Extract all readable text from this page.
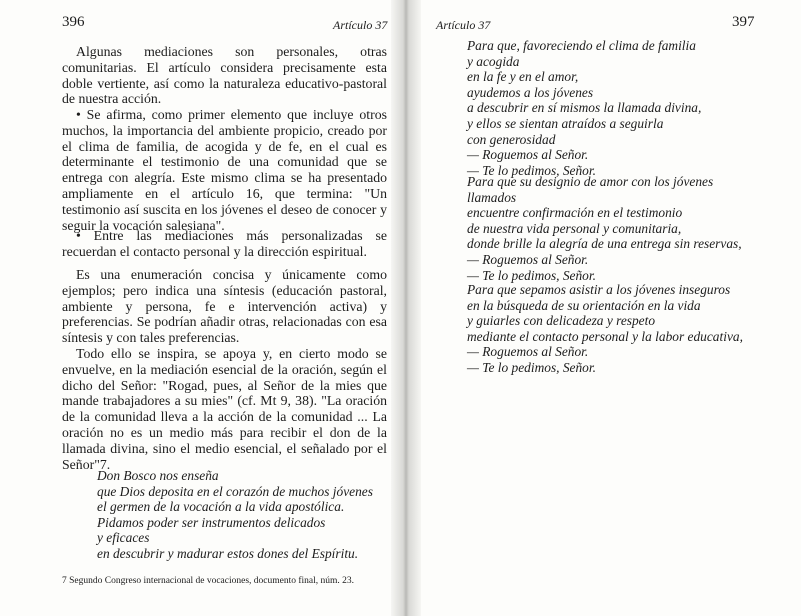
396	Artículo 37

Algunas mediaciones son personales, otras comunitarias. El artículo considera precisamente esta doble vertiente, así como la naturaleza educativo-pastoral de nuestra acción.

• Se afirma, como primer elemento que incluye otros muchos, la importancia del ambiente propicio, creado por el clima de familia, de acogida y de fe, en el cual es determinante el testimonio de una comunidad que se entrega con alegría. Este mismo clima se ha presentado ampliamente en el artículo 16, que termina: "Un testimonio así suscita en los jóvenes el deseo de conocer y seguir la vocación salesiana".

• Entre las mediaciones más personalizadas se recuerdan el contacto personal y la dirección espiritual.

Es una enumeración concisa y únicamente como ejemplos; pero indica una síntesis (educación pastoral, ambiente y persona, fe e intervención activa) y preferencias. Se podrían añadir otras, relacionadas con esa síntesis y con tales preferencias.

Todo ello se inspira, se apoya y, en cierto modo se envuelve, en la mediación esencial de la oración, según el dicho del Señor: "Rogad, pues, al Señor de la mies que mande trabajadores a su mies" (cf. Mt 9, 38). "La oración de la comunidad lleva a la acción de la comunidad ... La oración no es un medio más para recibir el don de la llamada divina, sino el medio esencial, el señalado por el Señor"7.

Don Bosco nos enseña
que Dios deposita en el corazón de muchos jóvenes
el germen de la vocación a la vida apostólica.
Pidamos poder ser instrumentos delicados
y eficaces
en descubrir y madurar estos dones del Espíritu.
7 Segundo Congreso internacional de vocaciones, documento final, núm. 23.
Artículo 37	397
Para que, favoreciendo el clima de familia
y acogida
en la fe y en el amor,
ayudemos a los jóvenes
a descubrir en sí mismos la llamada divina,
y ellos se sientan atraídos a seguirla
con generosidad
— Roguemos al Señor.
— Te lo pedimos, Señor.
Para que su designio de amor con los jóvenes
llamados
encuentre confirmación en el testimonio
de nuestra vida personal y comunitaria,
donde brille la alegría de una entrega sin reservas,
— Roguemos al Señor.
— Te lo pedimos, Señor.
Para que sepamos asistir a los jóvenes inseguros
en la búsqueda de su orientación en la vida
y guiarles con delicadeza y respeto
mediante el contacto personal y la labor educativa,
— Roguemos al Señor.
— Te lo pedimos, Señor.
